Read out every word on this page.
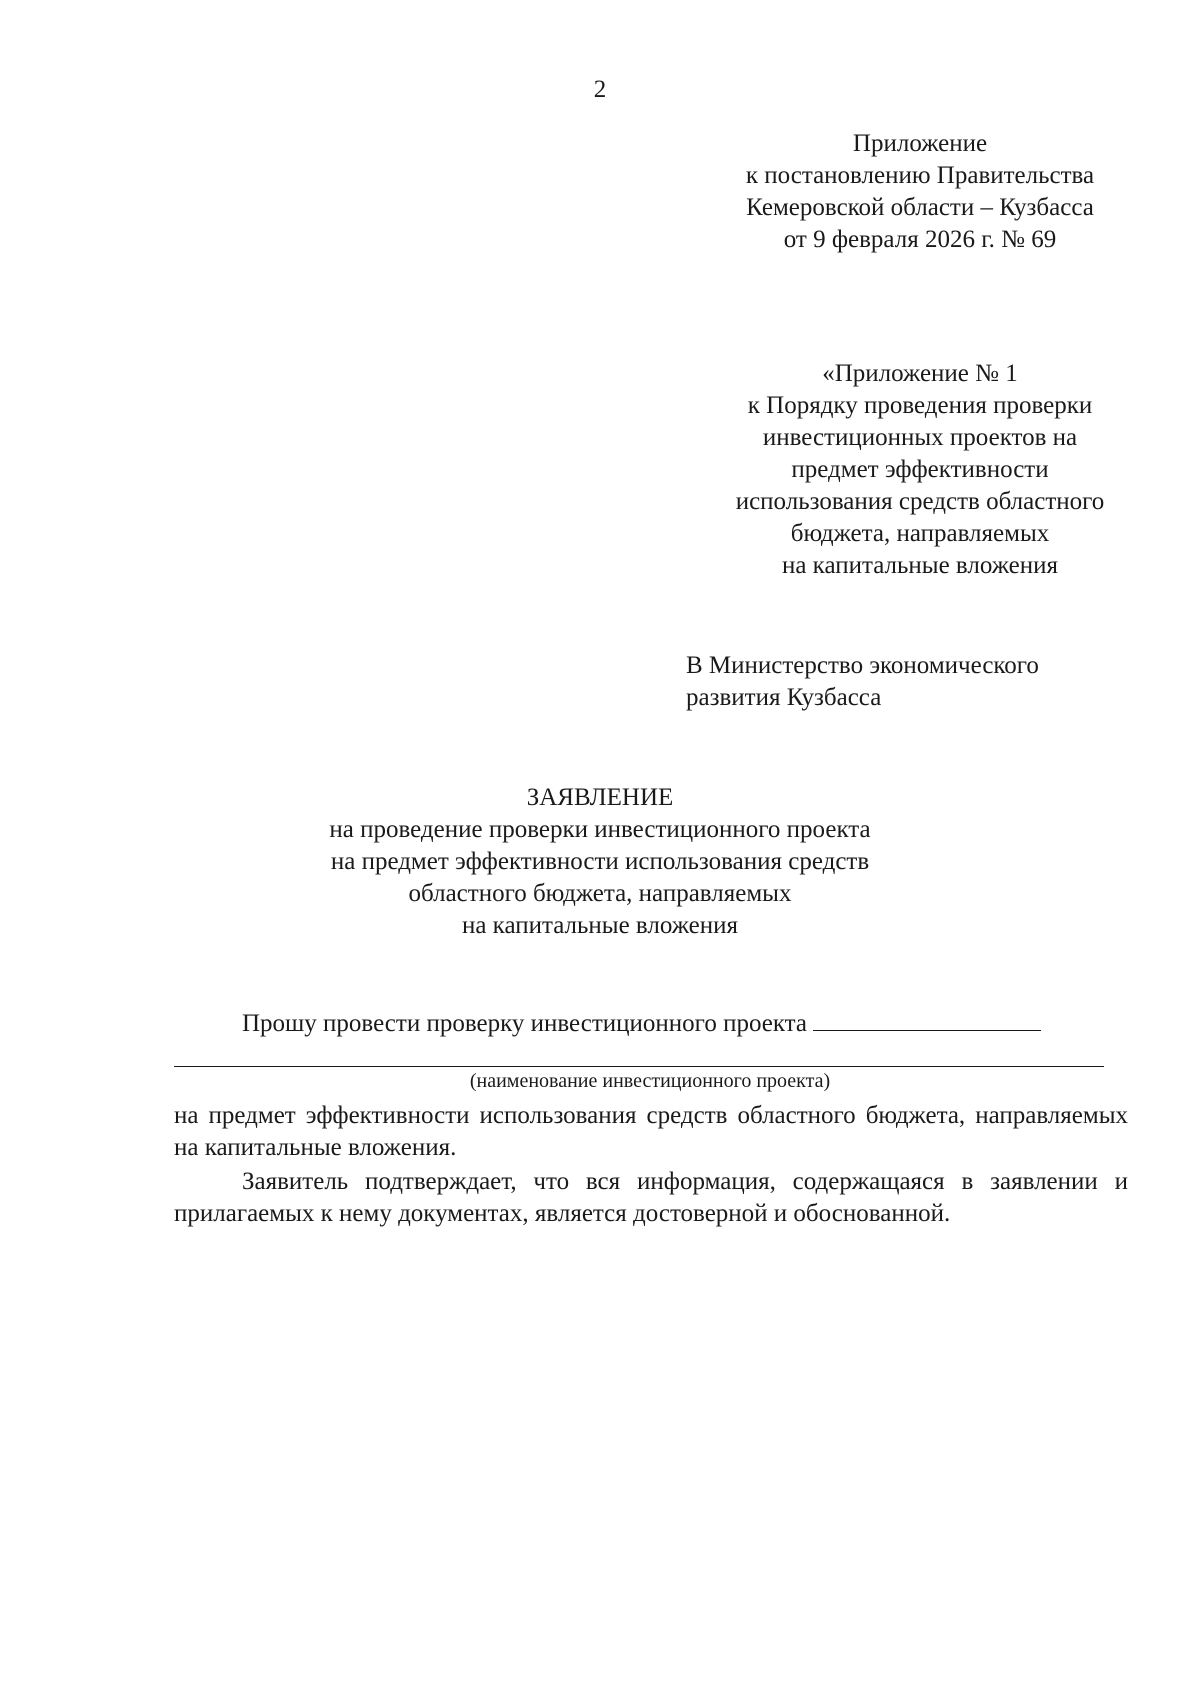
2
Приложение
к постановлению Правительства
Кемеровской области – Кузбасса
от 9 февраля 2026 г. № 69
«Приложение № 1
к Порядку проведения проверки
инвестиционных проектов на
предмет эффективности
использования средств областного
бюджета, направляемых
на капитальные вложения
В Министерство экономического
развития Кузбасса
ЗАЯВЛЕНИЕ
на проведение проверки инвестиционного проекта
на предмет эффективности использования средств
областного бюджета, направляемых
на капитальные вложения
Прошу провести проверку инвестиционного проекта
(наименование инвестиционного проекта)
на предмет эффективности использования средств областного бюджета, направляемых на капитальные вложения.
Заявитель подтверждает, что вся информация, содержащаяся в заявлении и прилагаемых к нему документах, является достоверной и обоснованной.
